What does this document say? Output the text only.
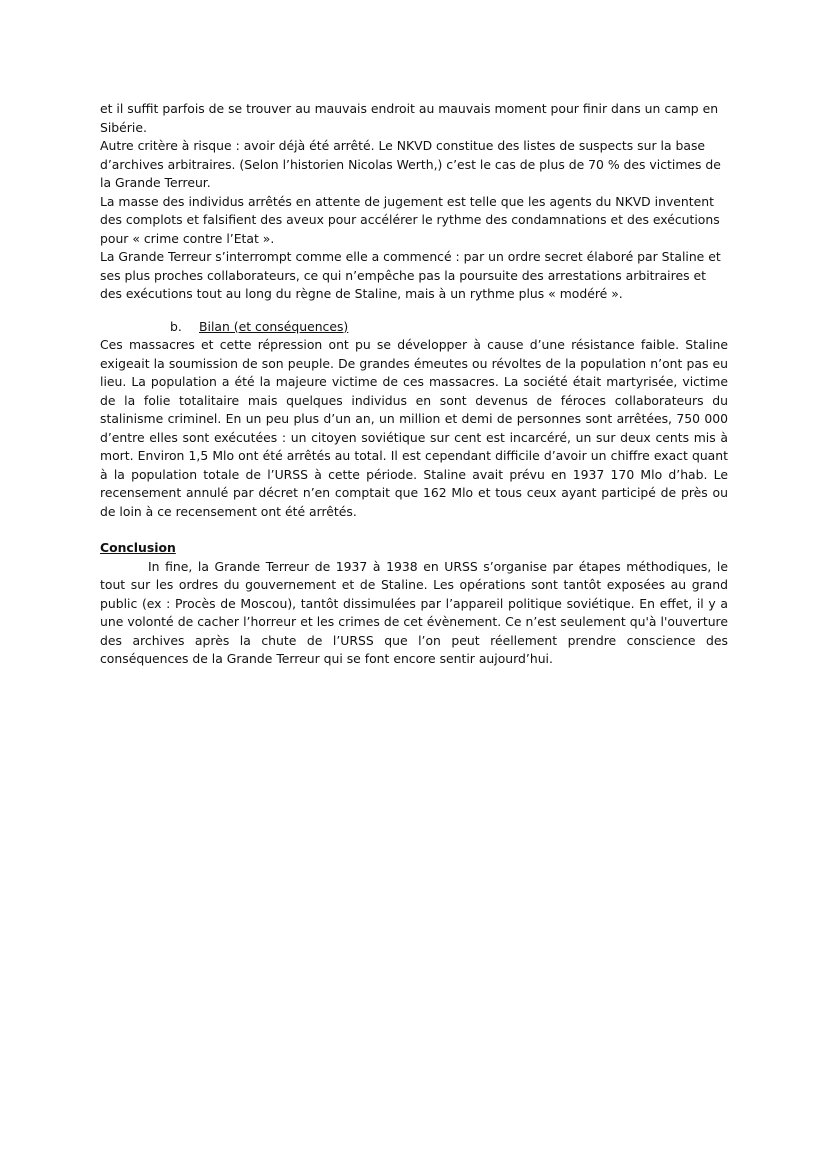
et il suffit parfois de se trouver au mauvais endroit au mauvais moment pour finir dans un camp en Sibérie.

Autre critère à risque : avoir déjà été arrêté. Le NKVD constitue des listes de suspects sur la base d’archives arbitraires. (Selon l’historien Nicolas Werth,) c’est le cas de plus de 70 % des victimes de la Grande Terreur.

La masse des individus arrêtés en attente de jugement est telle que les agents du NKVD inventent des complots et falsifient des aveux pour accélérer le rythme des condamnations et des exécutions pour « crime contre l’Etat ».

La Grande Terreur s’interrompt comme elle a commencé : par un ordre secret élaboré par Staline et ses plus proches collaborateurs, ce qui n’empêche pas la poursuite des arrestations arbitraires et des exécutions tout au long du règne de Staline, mais à un rythme plus « modéré ».

b. Bilan (et conséquences)

Ces massacres et cette répression ont pu se développer à cause d’une résistance faible. Staline exigeait la soumission de son peuple. De grandes émeutes ou révoltes de la population n’ont pas eu lieu. La population a été la majeure victime de ces massacres. La société était martyrisée, victime de la folie totalitaire mais quelques individus en sont devenus de féroces collaborateurs du stalinisme criminel. En un peu plus d’un an, un million et demi de personnes sont arrêtées, 750 000 d’entre elles sont exécutées : un citoyen soviétique sur cent est incarcéré, un sur deux cents mis à mort. Environ 1,5 Mlo ont été arrêtés au total. Il est cependant difficile d’avoir un chiffre exact quant à la population totale de l’URSS à cette période. Staline avait prévu en 1937 170 Mlo d’hab. Le recensement annulé par décret n’en comptait que 162 Mlo et tous ceux ayant participé de près ou de loin à ce recensement ont été arrêtés.

Conclusion

In fine, la Grande Terreur de 1937 à 1938 en URSS s’organise par étapes méthodiques, le tout sur les ordres du gouvernement et de Staline. Les opérations sont tantôt exposées au grand public (ex : Procès de Moscou), tantôt dissimulées par l’appareil politique soviétique. En effet, il y a une volonté de cacher l’horreur et les crimes de cet évènement. Ce n’est seulement qu'à l'ouverture des archives après la chute de l’URSS que l’on peut réellement prendre conscience des conséquences de la Grande Terreur qui se font encore sentir aujourd’hui.
